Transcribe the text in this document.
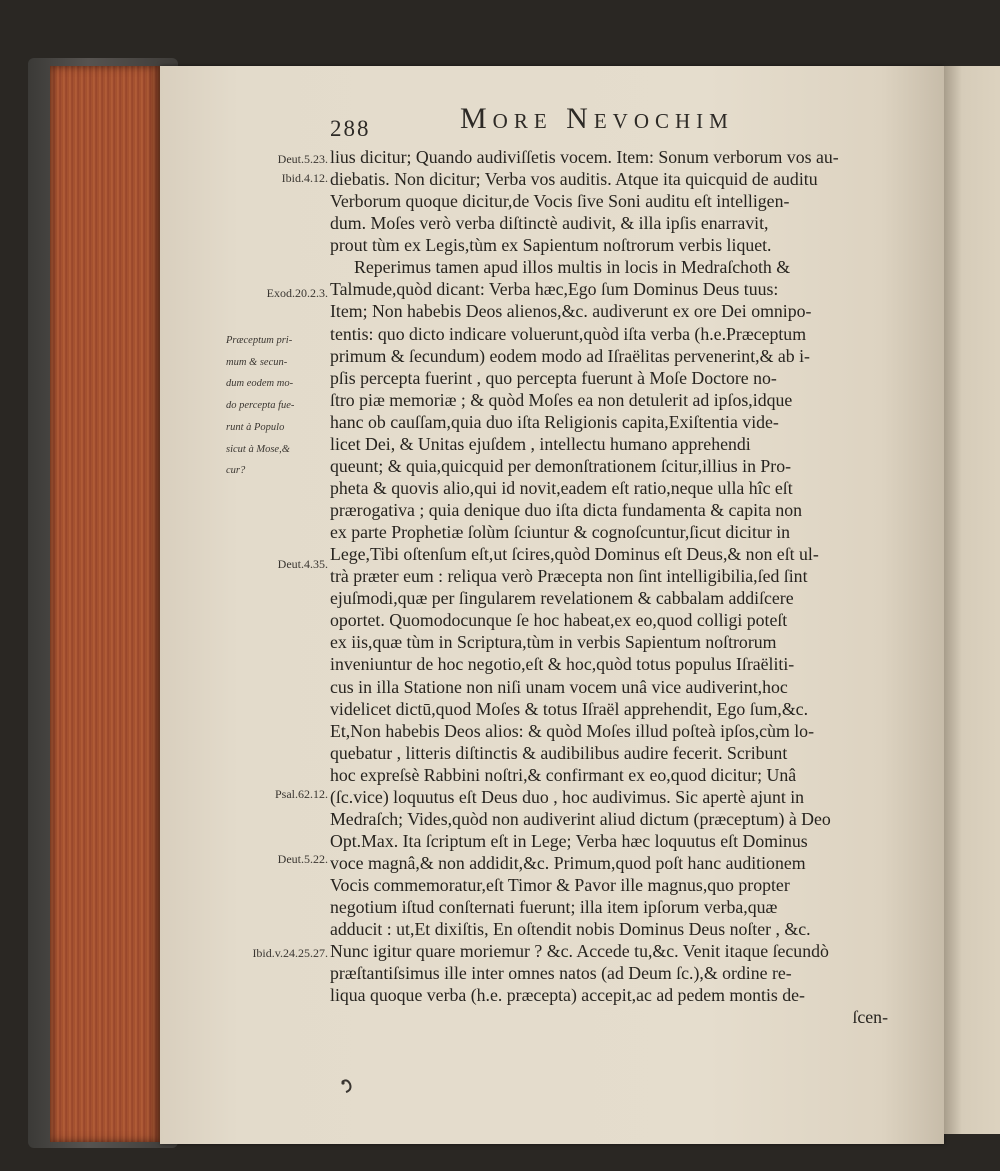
288	More Nevochim
Deut.5.23.
Ibid.4.12.
Exod.20.2.3.
Deut.4.35.
Psal.62.12.
Deut.5.22.
Ibid.v.24.25.27.
Præceptum pri-
mum & secun-
dum eodem mo-
do percepta fue-
runt à Populo
sicut à Mose,&
cur?
lius dicitur; Quando audiviſſetis vocem. Item: Sonum verborum vos au-
diebatis. Non dicitur; Verba vos auditis. Atque ita quicquid de auditu
Verborum quoque dicitur,de Vocis ſive Soni auditu eſt intelligen-
dum. Moſes verò verba diſtinctè audivit, & illa ipſis enarravit,
prout tùm ex Legis,tùm ex Sapientum noſtrorum verbis liquet.
Reperimus tamen apud illos multis in locis in Medraſchoth &
Talmude,quòd dicant: Verba hæc,Ego ſum Dominus Deus tuus:
Item; Non habebis Deos alienos,&c. audiverunt ex ore Dei omnipo-
tentis: quo dicto indicare voluerunt,quòd iſta verba (h.e.Præceptum
primum & ſecundum) eodem modo ad Iſraëlitas pervenerint,& ab i-
pſis percepta fuerint , quo percepta fuerunt à Moſe Doctore no-
ſtro piæ memoriæ ; & quòd Moſes ea non detulerit ad ipſos,idque
hanc ob cauſſam,quia duo iſta Religionis capita,Exiſtentia vide-
licet Dei, & Unitas ejuſdem , intellectu humano apprehendi
queunt; & quia,quicquid per demonſtrationem ſcitur,illius in Pro-
pheta & quovis alio,qui id novit,eadem eſt ratio,neque ulla hîc eſt
prærogativa ; quia denique duo iſta dicta fundamenta & capita non
ex parte Prophetiæ ſolùm ſciuntur & cognoſcuntur,ſicut dicitur in
Lege,Tibi oſtenſum eſt,ut ſcires,quòd Dominus eſt Deus,& non eſt ul-
trà præter eum : reliqua verò Præcepta non ſint intelligibilia,ſed ſint
ejuſmodi,quæ per ſingularem revelationem & cabbalam addiſcere
oportet. Quomodocunque ſe hoc habeat,ex eo,quod colligi poteſt
ex iis,quæ tùm in Scriptura,tùm in verbis Sapientum noſtrorum
inveniuntur de hoc negotio,eſt & hoc,quòd totus populus Iſraëliti-
cus in illa Statione non niſi unam vocem unâ vice audiverint,hoc
videlicet dictū,quod Moſes & totus Iſraël apprehendit, Ego ſum,&c.
Et,Non habebis Deos alios: & quòd Moſes illud poſteà ipſos,cùm lo-
quebatur , litteris diſtinctis & audibilibus audire fecerit. Scribunt
hoc expreſsè Rabbini noſtri,& confirmant ex eo,quod dicitur; Unâ
(ſc.vice) loquutus eſt Deus duo , hoc audivimus. Sic apertè ajunt in
Medraſch; Vides,quòd non audiverint aliud dictum (præceptum) à Deo
Opt.Max. Ita ſcriptum eſt in Lege; Verba hæc loquutus eſt Dominus
voce magnâ,& non addidit,&c. Primum,quod poſt hanc auditionem
Vocis commemoratur,eſt Timor & Pavor ille magnus,quo propter
negotium iſtud conſternati fuerunt; illa item ipſorum verba,quæ
adducit : ut,Et dixiſtis, En oſtendit nobis Dominus Deus noſter , &c.
Nunc igitur quare moriemur ? &c. Accede tu,&c. Venit itaque ſecundò
præſtantiſsimus ille inter omnes natos (ad Deum ſc.),& ordine re-
liqua quoque verba (h.e. præcepta) accepit,ac ad pedem montis de-
ſcen-
